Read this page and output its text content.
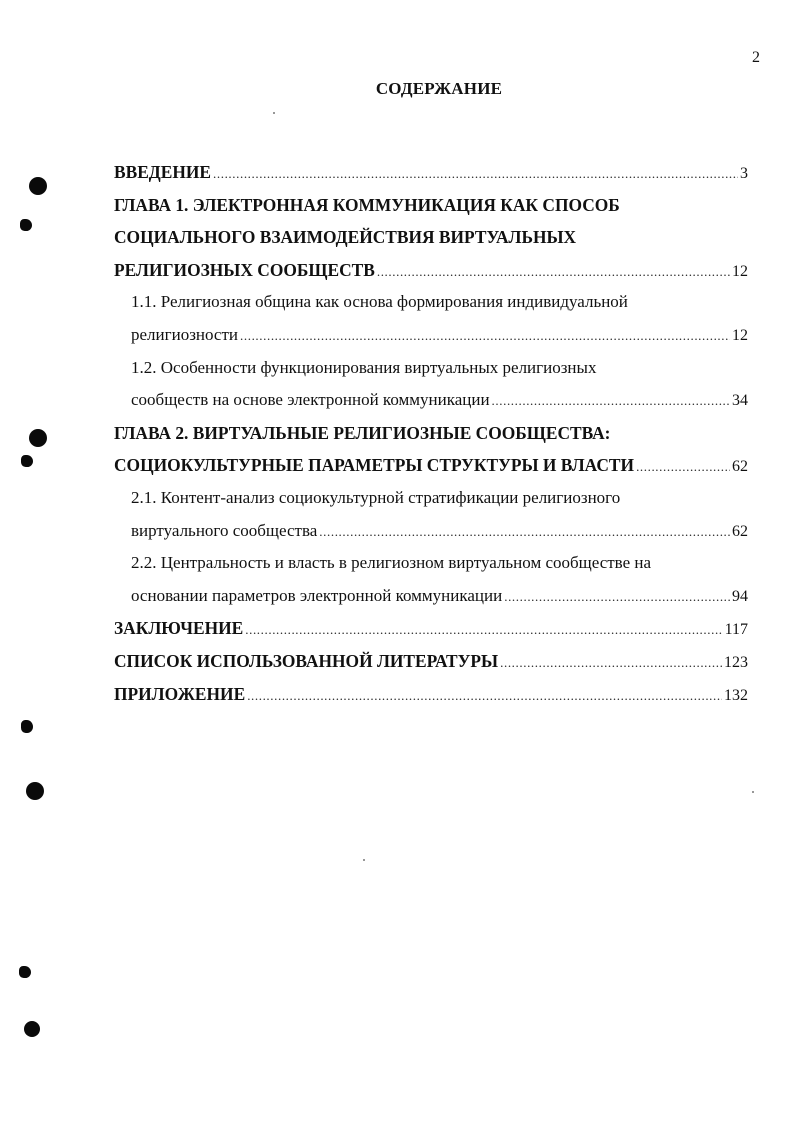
2
СОДЕРЖАНИЕ
ВВЕДЕНИЕ .....	3
ГЛАВА 1. ЭЛЕКТРОННАЯ КОММУНИКАЦИЯ КАК СПОСОБ
СОЦИАЛЬНОГО ВЗАИМОДЕЙСТВИЯ ВИРТУАЛЬНЫХ
РЕЛИГИОЗНЫХ СООБЩЕСТВ .....	12
1.1. Религиозная община как основа формирования индивидуальной
религиозности .....	12
1.2. Особенности функционирования виртуальных религиозных
сообществ на основе электронной коммуникации .....	34
ГЛАВА 2. ВИРТУАЛЬНЫЕ РЕЛИГИОЗНЫЕ СООБЩЕСТВА:
СОЦИОКУЛЬТУРНЫЕ ПАРАМЕТРЫ СТРУКТУРЫ И ВЛАСТИ .....	62
2.1. Контент-анализ социокультурной стратификации религиозного
виртуального сообщества .....	62
2.2. Центральность и власть в религиозном виртуальном сообществе на
основании параметров электронной коммуникации .....	94
ЗАКЛЮЧЕНИЕ .....	117
СПИСОК ИСПОЛЬЗОВАННОЙ ЛИТЕРАТУРЫ .....	123
ПРИЛОЖЕНИЕ .....	132
